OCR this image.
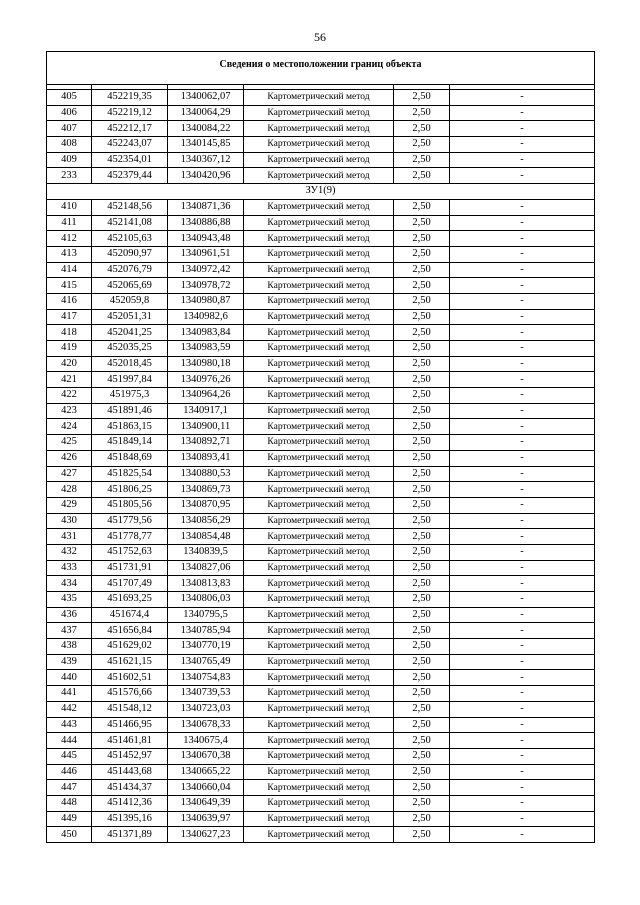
56
Сведения о местоположении границ объекта					

405	452219,35	1340062,07	Картометрический метод	2,50	-
406	452219,12	1340064,29	Картометрический метод	2,50	-
407	452212,17	1340084,22	Картометрический метод	2,50	-
408	452243,07	1340145,85	Картометрический метод	2,50	-
409	452354,01	1340367,12	Картометрический метод	2,50	-
233	452379,44	1340420,96	Картометрический метод	2,50	-
ЗУ1(9)					
410	452148,56	1340871,36	Картометрический метод	2,50	-
411	452141,08	1340886,88	Картометрический метод	2,50	-
412	452105,63	1340943,48	Картометрический метод	2,50	-
413	452090,97	1340961,51	Картометрический метод	2,50	-
414	452076,79	1340972,42	Картометрический метод	2,50	-
415	452065,69	1340978,72	Картометрический метод	2,50	-
416	452059,8	1340980,87	Картометрический метод	2,50	-
417	452051,31	1340982,6	Картометрический метод	2,50	-
418	452041,25	1340983,84	Картометрический метод	2,50	-
419	452035,25	1340983,59	Картометрический метод	2,50	-
420	452018,45	1340980,18	Картометрический метод	2,50	-
421	451997,84	1340976,26	Картометрический метод	2,50	-
422	451975,3	1340964,26	Картометрический метод	2,50	-
423	451891,46	1340917,1	Картометрический метод	2,50	-
424	451863,15	1340900,11	Картометрический метод	2,50	-
425	451849,14	1340892,71	Картометрический метод	2,50	-
426	451848,69	1340893,41	Картометрический метод	2,50	-
427	451825,54	1340880,53	Картометрический метод	2,50	-
428	451806,25	1340869,73	Картометрический метод	2,50	-
429	451805,56	1340870,95	Картометрический метод	2,50	-
430	451779,56	1340856,29	Картометрический метод	2,50	-
431	451778,77	1340854,48	Картометрический метод	2,50	-
432	451752,63	1340839,5	Картометрический метод	2,50	-
433	451731,91	1340827,06	Картометрический метод	2,50	-
434	451707,49	1340813,83	Картометрический метод	2,50	-
435	451693,25	1340806,03	Картометрический метод	2,50	-
436	451674,4	1340795,5	Картометрический метод	2,50	-
437	451656,84	1340785,94	Картометрический метод	2,50	-
438	451629,02	1340770,19	Картометрический метод	2,50	-
439	451621,15	1340765,49	Картометрический метод	2,50	-
440	451602,51	1340754,83	Картометрический метод	2,50	-
441	451576,66	1340739,53	Картометрический метод	2,50	-
442	451548,12	1340723,03	Картометрический метод	2,50	-
443	451466,95	1340678,33	Картометрический метод	2,50	-
444	451461,81	1340675,4	Картометрический метод	2,50	-
445	451452,97	1340670,38	Картометрический метод	2,50	-
446	451443,68	1340665,22	Картометрический метод	2,50	-
447	451434,37	1340660,04	Картометрический метод	2,50	-
448	451412,36	1340649,39	Картометрический метод	2,50	-
449	451395,16	1340639,97	Картометрический метод	2,50	-
450	451371,89	1340627,23	Картометрический метод	2,50	-
